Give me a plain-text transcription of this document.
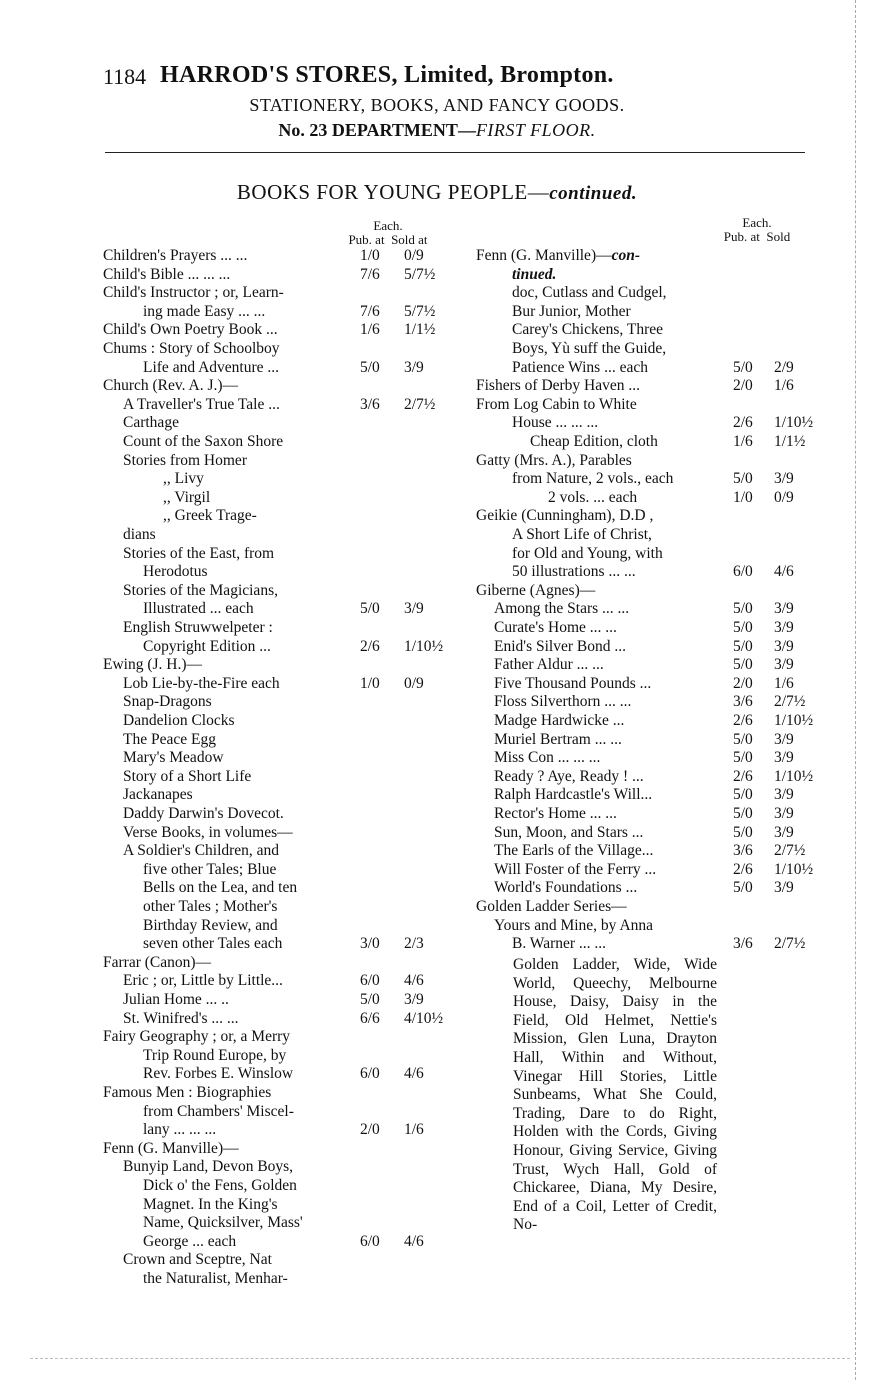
1184 HARROD'S STORES, Limited, Brompton.
STATIONERY, BOOKS, AND FANCY GOODS.
No. 23 DEPARTMENT—FIRST FLOOR.
BOOKS FOR YOUNG PEOPLE—continued.
Each.
Pub. at Sold at
Each.
Pub. at Sold
Children's Prayers ... ...	1/0 0/9
Child's Bible ... ... ...	7/6 5/7½
Child's Instructor ; or, Learn-
ing made Easy ... ...	7/6 5/7½
Child's Own Poetry Book ...	1/6 1/1½
Chums : Story of Schoolboy
Life and Adventure ...	5/0 3/9
Church (Rev. A. J.)—
A Traveller's True Tale ...	3/6 2/7½
Carthage
Count of the Saxon Shore
Stories from Homer
,, Livy
,, Virgil
,, Greek Trage-
dians
Stories of the East, from
Herodotus
Stories of the Magicians,
Illustrated ... each	5/0 3/9
English Struwwelpeter :
Copyright Edition ...	2/6 1/10½
Ewing (J. H.)—
Lob Lie-by-the-Fire each	1/0 0/9
Snap-Dragons
Dandelion Clocks
The Peace Egg
Mary's Meadow
Story of a Short Life
Jackanapes
Daddy Darwin's Dovecot.
Verse Books, in volumes—
A Soldier's Children, and
five other Tales; Blue
Bells on the Lea, and ten
other Tales ; Mother's
Birthday Review, and
seven other Tales each	3/0 2/3
Farrar (Canon)—
Eric ; or, Little by Little...	6/0 4/6
Julian Home ... ..	5/0 3/9
St. Winifred's ... ...	6/6 4/10½
Fairy Geography ; or, a Merry
Trip Round Europe, by
Rev. Forbes E. Winslow	6/0 4/6
Famous Men : Biographies
from Chambers' Miscel-
lany ... ... ...	2/0 1/6
Fenn (G. Manville)—
Bunyip Land, Devon Boys,
Dick o' the Fens, Golden
Magnet. In the King's
Name, Quicksilver, Mass'
George ... each	6/0 4/6
Crown and Sceptre, Nat
the Naturalist, Menhar-
Fenn (G. Manville)—con-
tinued.
doc, Cutlass and Cudgel,
Bur Junior, Mother
Carey's Chickens, Three
Boys, Yù suff the Guide,
Patience Wins ... each	5/0 2/9
Fishers of Derby Haven ...	2/0 1/6
From Log Cabin to White
House ... ... ...	2/6 1/10½
Cheap Edition, cloth	1/6 1/1½
Gatty (Mrs. A.), Parables
from Nature, 2 vols., each	5/0 3/9
2 vols. ... each	1/0 0/9
Geikie (Cunningham), D.D ,
A Short Life of Christ,
for Old and Young, with
50 illustrations ... ...	6/0 4/6
Giberne (Agnes)—
Among the Stars ... ...	5/0 3/9
Curate's Home ... ...	5/0 3/9
Enid's Silver Bond ...	5/0 3/9
Father Aldur ... ...	5/0 3/9
Five Thousand Pounds ...	2/0 1/6
Floss Silverthorn ... ...	3/6 2/7½
Madge Hardwicke ...	2/6 1/10½
Muriel Bertram ... ...	5/0 3/9
Miss Con ... ... ...	5/0 3/9
Ready ? Aye, Ready ! ...	2/6 1/10½
Ralph Hardcastle's Will...	5/0 3/9
Rector's Home ... ...	5/0 3/9
Sun, Moon, and Stars ...	5/0 3/9
The Earls of the Village...	3/6 2/7½
Will Foster of the Ferry ...	2/6 1/10½
World's Foundations ...	5/0 3/9
Golden Ladder Series—
Yours and Mine, by Anna
B. Warner ... ...	3/6 2/7½
Golden Ladder, Wide, Wide World, Queechy, Melbourne House, Daisy, Daisy in the Field, Old Helmet, Nettie's Mission, Glen Luna, Drayton Hall, Within and Without, Vinegar Hill Stories, Little Sunbeams, What She Could, Trading, Dare to do Right, Holden with the Cords, Giving Honour, Giving Service, Giving Trust, Wych Hall, Gold of Chickaree, Diana, My Desire, End of a Coil, Letter of Credit, No-
